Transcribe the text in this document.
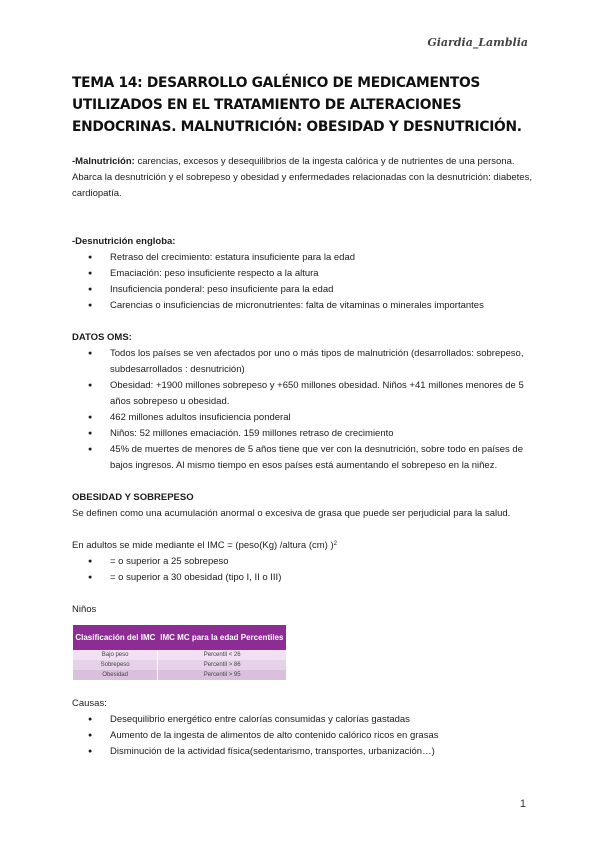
Giardia_Lamblia
TEMA 14: DESARROLLO GALÉNICO DE MEDICAMENTOS UTILIZADOS EN EL TRATAMIENTO DE ALTERACIONES ENDOCRINAS. MALNUTRICIÓN: OBESIDAD Y DESNUTRICIÓN.

-Malnutrición: carencias, excesos y desequilibrios de la ingesta calórica y de nutrientes de una persona. Abarca la desnutrición y el sobrepeso y obesidad y enfermedades relacionadas con la desnutrición: diabetes, cardiopatía.

-Desnutrición engloba:

● Retraso del crecimiento: estatura insuficiente para la edad
● Emaciación: peso insuficiente respecto a la altura
● Insuficiencia ponderal: peso insuficiente para la edad
● Carencias o insuficiencias de micronutrientes: falta de vitaminas o minerales importantes

DATOS OMS:

● Todos los países se ven afectados por uno o más tipos de malnutrición (desarrollados: sobrepeso, subdesarrollados : desnutrición)
● Obesidad: +1900 millones sobrepeso y +650 millones obesidad. Niños +41 millones menores de 5 años sobrepeso u obesidad.
● 462 millones adultos insuficiencia ponderal
● Niños: 52 millones emaciación. 159 millones retraso de crecimiento
● 45% de muertes de menores de 5 años tiene que ver con la desnutrición, sobre todo en países de bajos ingresos. Al mismo tiempo en esos países está aumentando el sobrepeso en la niñez.

OBESIDAD Y SOBREPESO

Se definen como una acumulación anormal o excesiva de grasa que puede ser perjudicial para la salud.

En adultos se mide mediante el IMC = (peso(Kg) /altura (cm) )$^2$

● = o superior a 25 sobrepeso
● = o superior a 30 obesidad (tipo I, II o III)

Niños

Clasificación del IMC	IMC MC para la edad Percentiles
Bajo peso	Percentil < 26
Sobrepeso	Percentil > 86
Obesidad	Percentil > 95

Causas:

● Desequilibrio energético entre calorías consumidas y calorías gastadas
● Aumento de la ingesta de alimentos de alto contenido calórico ricos en grasas
● Disminución de la actividad física(sedentarismo, transportes, urbanización…)
1
